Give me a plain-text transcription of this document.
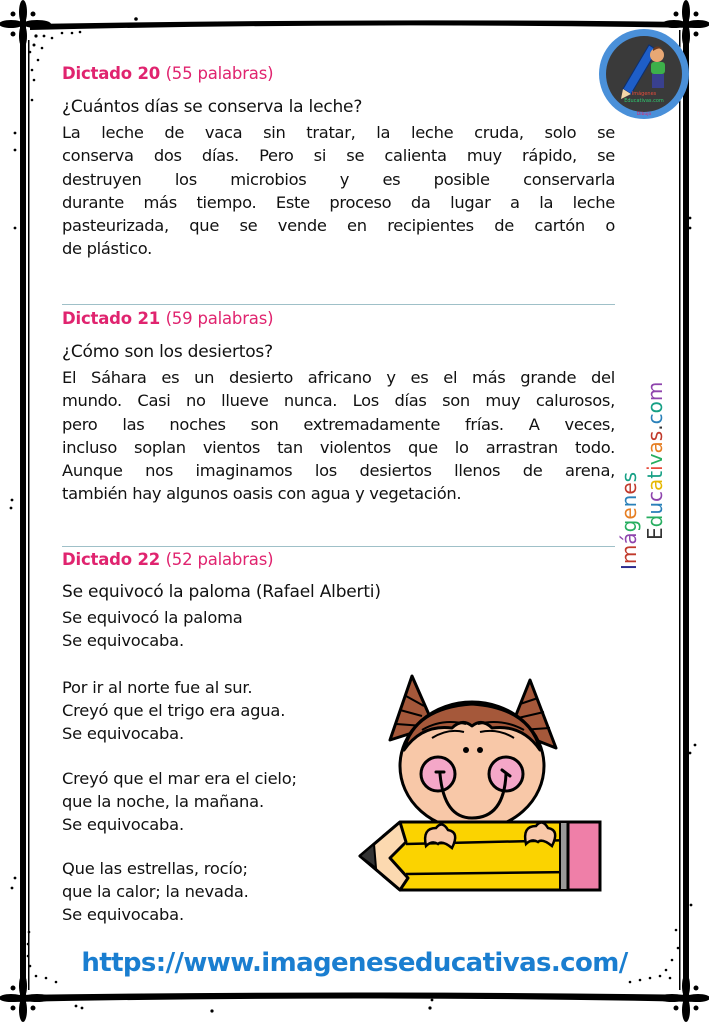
Imágenes
Educativas.com
Dibujo
Dictado 20 (55 palabras)
¿Cuántos días se conserva la leche?
La leche de vaca sin tratar, la leche cruda, solo se
conserva dos días. Pero si se calienta muy rápido, se
destruyen los microbios y es posible conservarla
durante más tiempo. Este proceso da lugar a la leche
pasteurizada, que se vende en recipientes de cartón o
de plástico.
Dictado 21 (59 palabras)
¿Cómo son los desiertos?
El Sáhara es un desierto africano y es el más grande del
mundo. Casi no llueve nunca. Los días son muy calurosos,
pero las noches son extremadamente frías. A veces,
incluso soplan vientos tan violentos que lo arrastran todo.
Aunque nos imaginamos los desiertos llenos de arena,
también hay algunos oasis con agua y vegetación.
Dictado 22 (52 palabras)
Se equivocó la paloma (Rafael Alberti)
Se equivocó la paloma
Se equivocaba.
Por ir al norte fue al sur.
Creyó que el trigo era agua.
Se equivocaba.
Creyó que el mar era el cielo;
que la noche, la mañana.
Se equivocaba.
Que las estrellas, rocío;
que la calor; la nevada.
Se equivocaba.
Imágenes
Educativas.com
https://www.imageneseducativas.com/
